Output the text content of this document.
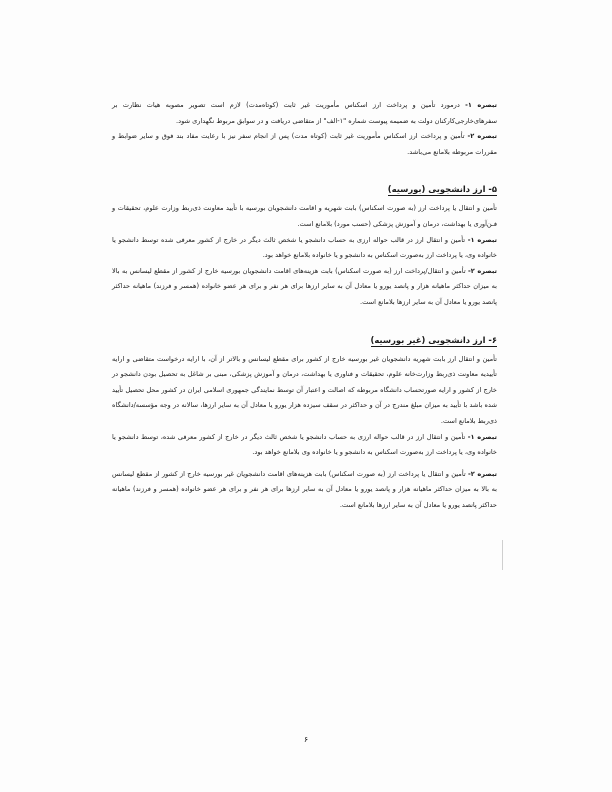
تبصره ۱- درمورد تأمین و پرداخت ارز اسکناس مأموریت غیر ثابت (کوتاه‌مدت) لازم است تصویر مصوبه هیات نظارت بر سفرهای‌خارجی‌کارکنان دولت به ضمیمه پیوست شماره "۱-الف" از متقاضی دریافت و در سوابق مربوط نگهداری شود.

تبصره ۲- تأمین و پرداخت ارز اسکناس مأموریت غیر ثابت (کوتاه مدت) پس از انجام سفر نیز با رعایت مفاد بند فوق و سایر ضوابط و مقررات مربوطه بلامانع می‌باشد.

۵- ارز دانشجویی (بورسیه)

تأمین و انتقال یا پرداخت ارز (به صورت اسکناس) بابت شهریه و اقامت دانشجویان بورسیه با تأیید معاونت ذی‌ربط وزارت علوم، تحقیقات و فـن‌آوری یا بهداشت، درمان و آموزش پزشکی (حسب مورد) بلامانع است.

تبصره ۱- تأمین و انتقال ارز در قالب حواله ارزی به حساب دانشجو یا شخص ثالث دیگر در خارج از کشور معرفی شده توسط دانشجو یا خانواده وی، یا پرداخت ارز به‌صورت اسکناس به دانشجو و یا خانواده بلامانع خواهد بود.

تبصره ۲- تأمین و انتقال/پرداخت ارز (به صورت اسکناس) بابت هزینه‌های اقامت دانشجویان بورسیه خارج از کشور از مقطع لیسانس به بالا به میزان حداکثر ماهیانه هزار و پانصد یورو یا معادل آن به سایر ارزها برای هر نفر و برای هر عضو خانواده (همسر و فرزند) ماهیانه حداکثر پانصد یورو یا معادل آن به سایر ارزها بلامانع است.

۶- ارز دانشجویی (غیر بورسیه)

تأمین و انتقال ارز بابت شهریه دانشجویان غیر بورسیه خارج از کشور برای مقطع لیسانس و بالاتر از آن، با ارایه درخواست متقاضی و ارایه تأییدیه معاونت ذی‌ربط وزارت‌خانه علوم، تحقیقات و فناوری یا بهداشت، درمان و آموزش پزشکی، مبنی بر شاغل به تحصیل بودن دانشجو در خارج از کشور و ارایه صورتحساب دانشگاه مربوطه که اصالت و اعتبار آن توسط نمایندگی جمهوری اسلامی ایران در کشور محل تحصیل تأیید شده باشد با تأیید به میزان مبلغ مندرج در آن و حداکثر در سقف سیزده هزار یورو یا معادل آن به سایر ارزها، سالانه در وجه مؤسسه/دانشگاه ذی‌ربط بلامانع است.

تبصره ۱- تأمین و انتقال ارز در قالب حواله ارزی به حساب دانشجو یا شخص ثالث دیگر در خارج از کشور معرفی شده، توسط دانشجو یا خانواده وی، یا پرداخت ارز به‌صورت اسکناس به دانشجو و یا خانواده وی بلامانع خواهد بود.

تبصره ۲- تأمین و انتقال یا پرداخت ارز (به صورت اسکناس) بابت هزینه‌های اقامت دانشجویان غیر بورسیه خارج از کشور از مقطع لیسانس به بالا به میزان حداکثر ماهیانه هزار و پانصد یورو یا معادل آن به سایر ارزها برای هر نفر و برای هر عضو خانواده (همسر و فرزند) ماهیانه حداکثر پانصد یورو یا معادل آن به سایر ارزها بلامانع است.

۶
